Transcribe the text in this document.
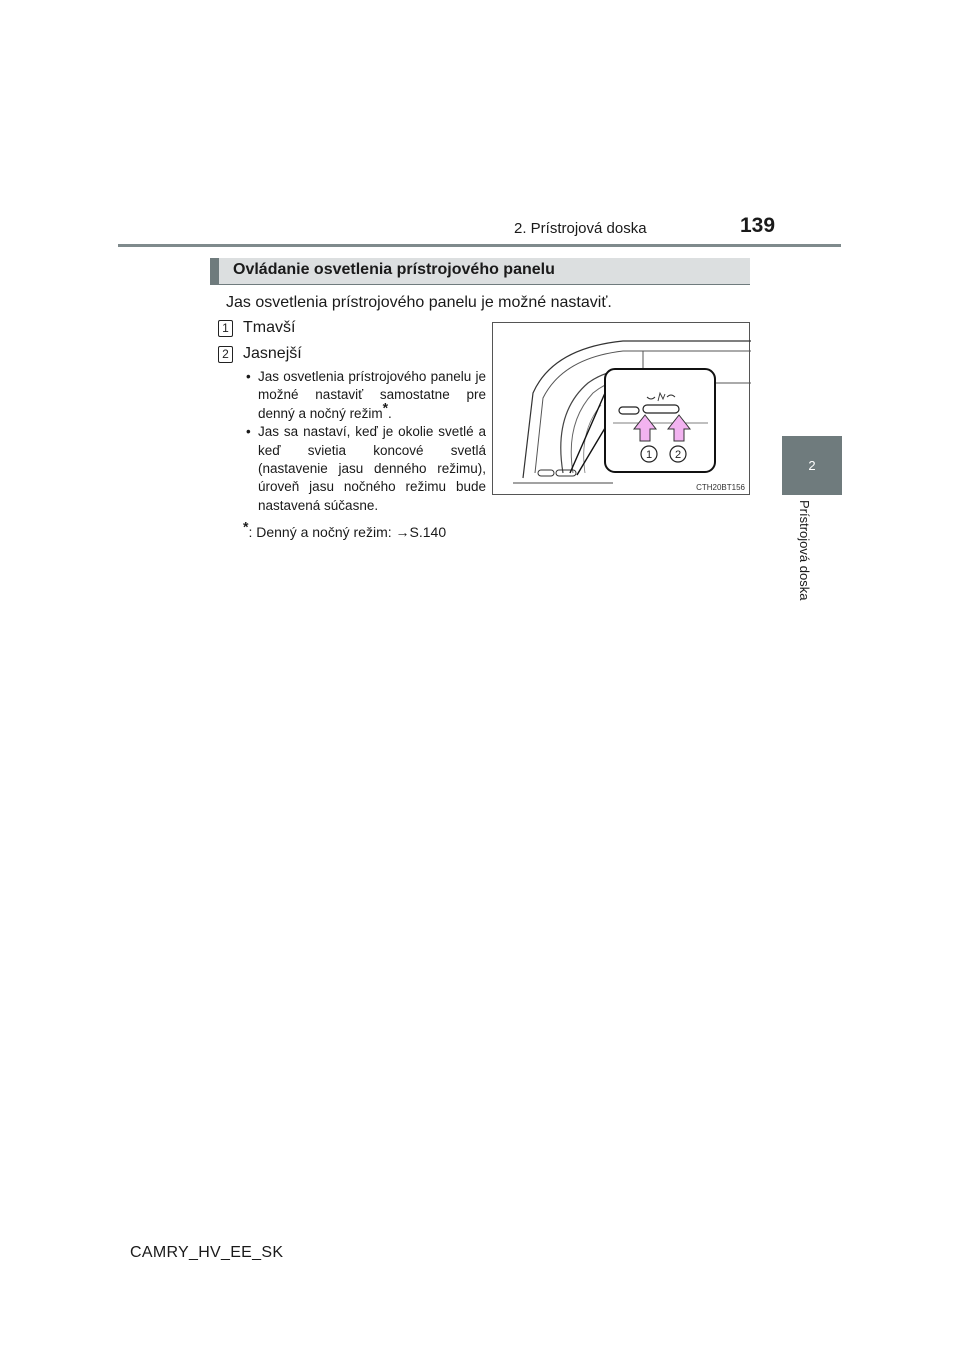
2. Prístrojová doska	139
2
Prístrojová doska
Ovládanie osvetlenia prístrojového panelu
Jas osvetlenia prístrojového panelu je možné nastaviť.
1 Tmavší
2 Jasnejší

• Jas osvetlenia prístrojového panelu je možné nastaviť samostatne pre denný a nočný režim*.

• Jas sa nastaví, keď je okolie svetlé a keď svietia koncové svetlá (nastavenie jasu denného režimu), úroveň jasu nočného režimu bude nastavená súčasne.

*: Denný a nočný režim: →S.140
1 2
CTH20BT156
CAMRY_HV_EE_SK
